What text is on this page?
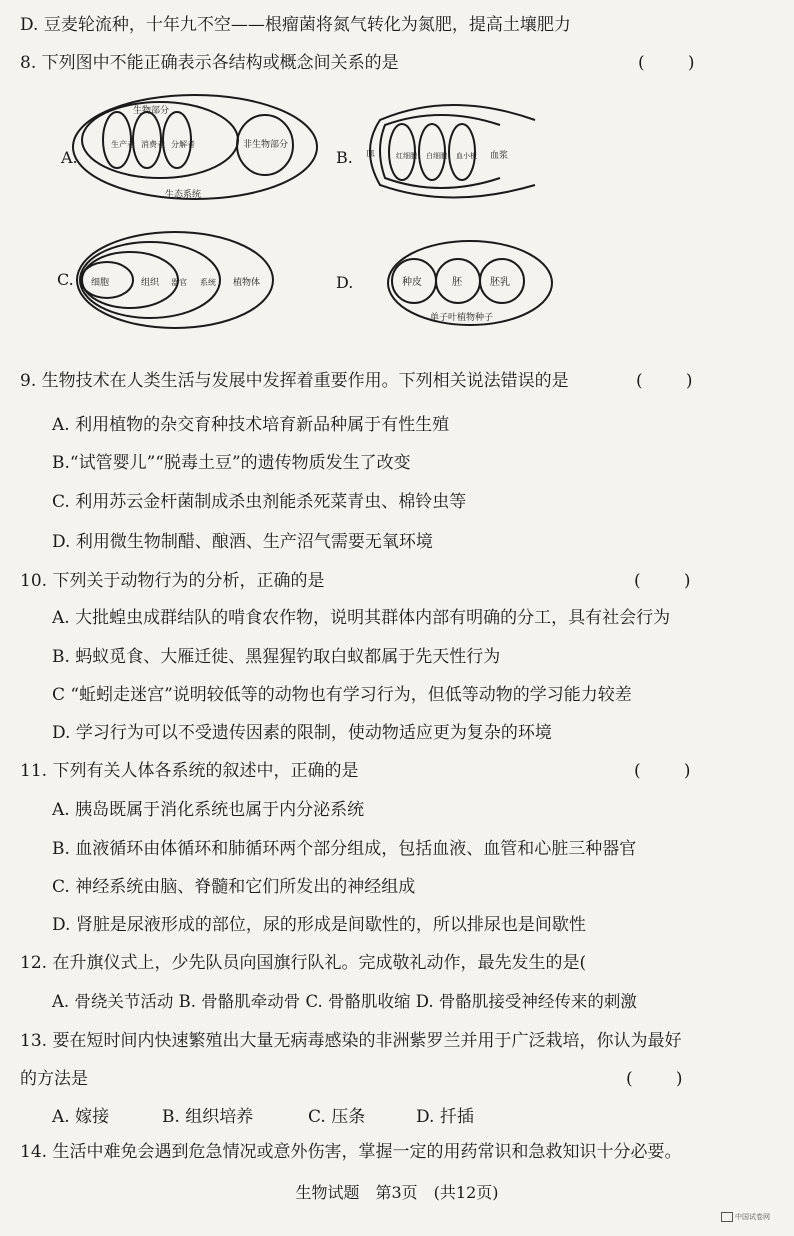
D. 豆麦轮流种，十年九不空——根瘤菌将氮气转化为氮肥，提高土壤肥力
8. 下列图中不能正确表示各结构或概念间关系的是	(        )
A.
生物部分
生产者 消费者 分解者	非生物部分
生态系统
B. 血	红细胞 白细胞 血小板 血浆
C. 细胞	组织 器官 系统 植物体	D.	种皮	胚	胚乳
单子叶植物种子
9. 生物技术在人类生活与发展中发挥着重要作用。下列相关说法错误的是	(        )
A. 利用植物的杂交育种技术培育新品种属于有性生殖
B.“试管婴儿”“脱毒土豆”的遗传物质发生了改变
C. 利用苏云金杆菌制成杀虫剂能杀死菜青虫、棉铃虫等
D. 利用微生物制醋、酿酒、生产沼气需要无氧环境
10. 下列关于动物行为的分析，正确的是	(        )
A. 大批蝗虫成群结队的啃食农作物，说明其群体内部有明确的分工，具有社会行为
B. 蚂蚁觅食、大雁迁徙、黑猩猩钓取白蚁都属于先天性行为
C “蚯蚓走迷宫”说明较低等的动物也有学习行为，但低等动物的学习能力较差
D. 学习行为可以不受遗传因素的限制，使动物适应更为复杂的环境
11. 下列有关人体各系统的叙述中，正确的是	(        )
A. 胰岛既属于消化系统也属于内分泌系统
B. 血液循环由体循环和肺循环两个部分组成，包括血液、血管和心脏三种器官
C. 神经系统由脑、脊髓和它们所发出的神经组成
D. 肾脏是尿液形成的部位，尿的形成是间歇性的，所以排尿也是间歇性
12. 在升旗仪式上，少先队员向国旗行队礼。完成敬礼动作，最先发生的是(
A. 骨绕关节活动 B. 骨骼肌牵动骨 C. 骨骼肌收缩 D. 骨骼肌接受神经传来的刺激
13. 要在短时间内快速繁殖出大量无病毒感染的非洲紫罗兰并用于广泛栽培，你认为最好
的方法是	(        )
A. 嫁接	B. 组织培养	C. 压条	D. 扦插
14. 生活中难免会遇到危急情况或意外伤害，掌握一定的用药常识和急救知识十分必要。
生物试题　第3页　(共12页)
中国试卷网
